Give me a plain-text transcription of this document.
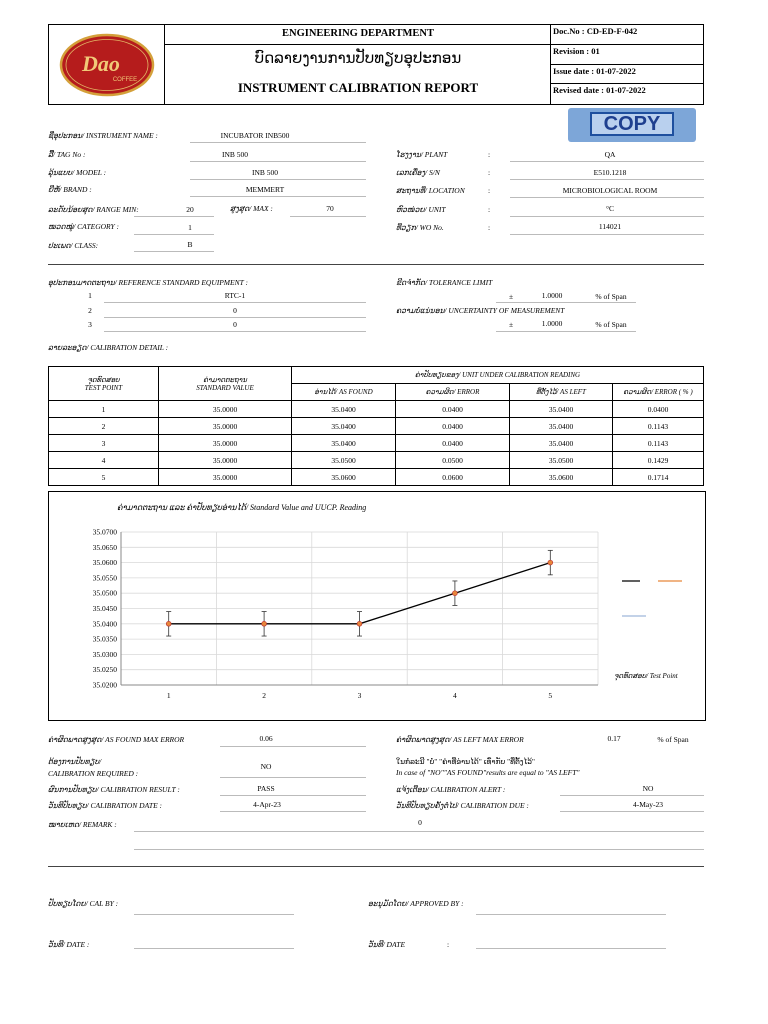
Dao
COFFEE
ENGINEERING DEPARTMENT
ບົດລາຍງານການປັບທຽບອຸປະກອນ
INSTRUMENT CALIBRATION REPORT
Doc.No : CD-ED-F-042
Revision : 01
Issue date : 01-07-2022
Revised date : 01-07-2022
COPY
ຊື່ອຸປະກອນ/ INSTRUMENT NAME :	INCUBATOR INB500
ລືື/ TAG No :	INB 500
ລຸ້ນແບບ/ MODEL :	INB 500
ຍີ່ຫໍ້/ BRAND :	MEMMERT
ລະດັບນ້ອຍສຸດ/ RANGE MIN:	20	ສູງສຸດ/ MAX :	70
ໝວດໝູ່/ CATEGORY :	1
ປະເພດ/ CLASS:	B
ໂຮງງານ/ PLANT	:	QA
ເລກເຄື່ອງ/ S/N	:	E510.1218
ສະຖານທີ່/ LOCATION	:	MICROBIOLOGICAL ROOM
ຫົວໜ່ວຍ/ UNIT	:	°C
ທີ່ວຽກ/ WO No.	:	114021
ອຸປະກອນມາດຕະຖານ/ REFERENCE STANDARD EQUIPMENT :
1	RTC-1
2	0
3	0
ຂີດຈຳກັດ/ TOLERANCE LIMIT
±	1.0000	% of Span
ຄວາມບໍ່ແນ່ນອນ/ UNCERTAINTY OF MEASUREMENT
±	1.0000	% of Span
ລາຍລະອຽດ/ CALIBRATION DETAIL :
ຈຸດທົດສອບ
TEST POINT	ຄ່າມາດຕະຖານ
STANDARD VALUE	ຄ່າປັບທຽບຂອງ/ UNIT UNDER CALIBRATION READING			
		ອ່ານໄດ້/ AS FOUND	ຄວາມຜິດ/ ERROR	ທີ່ຕັ້ງໄວ້/ AS LEFT	ຄວາມຜິດ/ ERROR ( % )
1	35.0000	35.0400	0.0400	35.0400	0.0400
2	35.0000	35.0400	0.0400	35.0400	0.1143
3	35.0000	35.0400	0.0400	35.0400	0.1143
4	35.0000	35.0500	0.0500	35.0500	0.1429
5	35.0000	35.0600	0.0600	35.0600	0.1714
ຄ່າມາດຕະຖານ ແລະ ຄ່າປັບທຽບອ່ານໄດ້/ Standard Value and UUCP. Reading
35.0700
35.0650
35.0600
35.0550
35.0500
35.0450
35.0400
35.0350
35.0300
35.0250
35.0200
1	2	3	4	5
ຈຸດທົດສອບ/ Test Point
ຄ່າຜິດພາດສູງສຸດ/ AS FOUND MAX ERROR	0.06	ຄ່າຜິດພາດສູງສຸດ/ AS LEFT MAX ERROR	0.17	% of Span
ຕ້ອງການປັບທຽບ/
CALIBRATION REQUIRED :
NO
ໃນກໍລະນີ "ບໍ່" "ຄ່າທີ່ອ່ານໄດ້" ເທົ່າກັບ "ທີ່ຕັ້ງໄວ້"
In case of "NO""AS FOUND"results are equal to "AS LEFT"
ຜົນການປັບທຽບ/ CALIBRATION RESULT :	PASS	ແຈ້ງເຕືອນ/ CALIBRATION ALERT :	NO
ວັນທີປັບທຽບ/ CALIBRATION DATE :	4-Apr-23	ວັນທີປັບທຽບຄັ້ງຕໍ່ໄປ/ CALIBRATION DUE :	4-May-23
ໝາຍເຫດ/ REMARK :	0
ປັບທຽບໂດຍ/ CAL BY :	ອະນຸມັດໂດຍ/ APPROVED BY :
ວັນທີ/ DATE :	ວັນທີ/ DATE	:
